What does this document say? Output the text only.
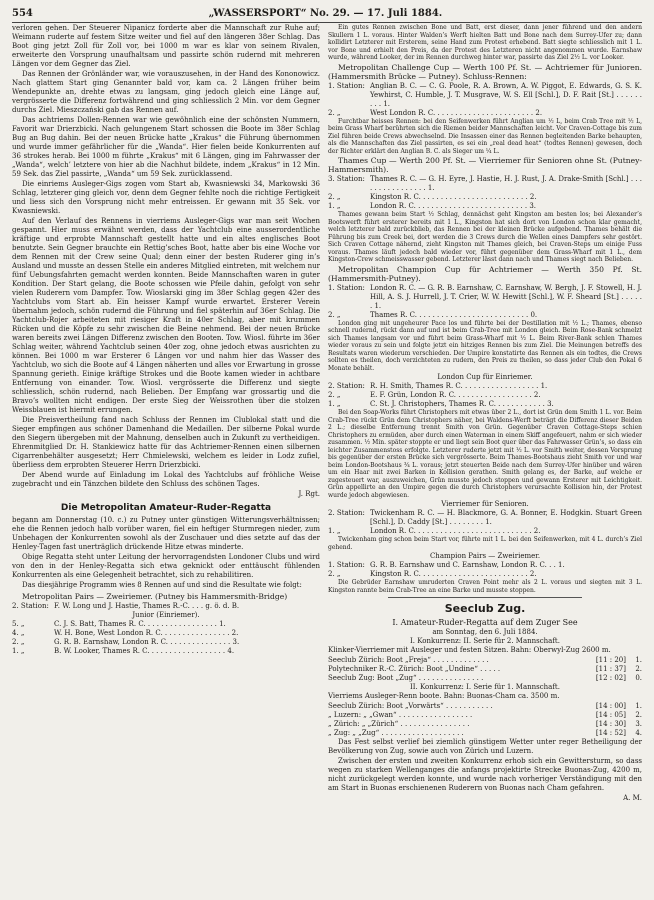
554	„WASSERSPORT“ No. 29. — 17. Juli 1884.

verloren gehen. Der Steuerer Nipanicz forderte aber die Mannschaft zur Ruhe auf; Weimann ruderte auf festem Sitze weiter und fiel auf den längeren 38er Schlag. Das Boot ging jetzt Zoll für Zoll vor, bei 1000 m war es klar von seinem Rivalen, erweiterte den Vorsprung unaufhaltsam und passirte schön rudernd mit mehreren Längen vor dem Gegner das Ziel.

Das Rennen der Grönländer war, wie vorauszusehen, in der Hand des Kononowicz. Nach glattem Start ging Genannter bald vor, kam ca. 2 Längen früher beim Wendepunkte an, drehte etwas zu langsam, ging jedoch gleich eine Länge auf, vergrösserte die Differenz fortwährend und ging schliesslich 2 Min. vor dem Gegner durchs Ziel. Mieszczański gab das Rennen auf.

Das achtriems Dollen-Rennen war wie gewöhnlich eine der schönsten Nummern, Favorit war Drierzbicki. Nach gelungenem Start schossen die Boote im 38er Schlag Bug an Bug dahin. Bei der neuen Brücke hatte „Krakus“ die Führung übernommen und wurde immer gefährlicher für die „Wanda“. Hier fielen beide Konkurrenten auf 36 strokes herab. Bei 1000 m führte „Krakus“ mit 6 Längen, ging im Fahrwasser der „Wanda“, welch’ letztere von hier ab die Nachhut bildete, indem „Krakus“ in 12 Min. 59 Sek. das Ziel passirte, „Wanda“ um 59 Sek. zurücklassend.

Die einriems Ausleger-Gigs zogen vom Start ab, Kwasniewski 34, Markowski 36 Schlag, letzterer ging gleich vor, denn dem Gegner fehlte noch die richtige Fertigkeit und liess sich den Vorsprung nicht mehr entreissen. Er gewann mit 35 Sek. vor Kwasniewski.

Auf den Verlauf des Rennens in vierriems Ausleger-Gigs war man seit Wochen gespannt. Hier muss erwähnt werden, dass der Yachtclub eine ausserordentliche kräftige und erprobte Mannschaft gestellt hatte und ein altes englisches Boot benutzte. Sein Gegner brauchte ein Rettig’sches Boot, hatte aber bis eine Woche vor dem Rennen mit der Crew seine Qual; denn einer der besten Ruderer ging in’s Ausland und musste an dessen Stelle ein anderes Mitglied eintreten, mit welchem nur fünf Uebungsfahrten gemacht werden konnten. Beide Mannschaften waren in guter Kondition. Der Start gelang, die Boote schossen wie Pfeile dahin, gefolgt von sehr vielen Ruderern vom Dampfer. Tow. Wioslarski ging im 38er Schlag gegen 42er des Yachtclubs vom Start ab. Ein heisser Kampf wurde erwartet. Ersterer Verein übernahm jedoch, schön rudernd die Führung und fiel späterhin auf 36er Schlag. Die Yachtclub-Rojer arbeiteten mit riesiger Kraft in 40er Schlag, aber mit krummen Rücken und die Köpfe zu sehr zwischen die Beine nehmend. Bei der neuen Brücke waren bereits zwei Längen Differenz zwischen den Booten. Tow. Wiosl. führte im 36er Schlag weiter, während Yachtclub seinen 40er zog, ohne jedoch etwas ausrichten zu können. Bei 1000 m war Ersterer 6 Längen vor und nahm hier das Wasser des Yachtclub, wo sich die Boote auf 4 Längen näherten und alles vor Erwartung in grosse Spannung gerieth. Einige kräftige Strokes und die Boote kamen wieder in achtbare Entfernung von einander. Tow. Wiosl. vergrösserte die Differenz und siegte schliesslich, schön rudernd, nach Belieben. Der Empfang war grossartig und die Bravo’s wollten nicht endigen. Der erste Sieg der Weissrothen über die stolzen Weissblauen ist hiermit errungen.

Die Preisvertheilung fand nach Schluss der Rennen im Clublokal statt und die Sieger empfingen aus schöner Damenhand die Medaillen. Der silberne Pokal wurde den Siegern übergeben mit der Mahnung, denselben auch in Zukunft zu vertheidigen. Ehrenmitglied Dr. H. Stankiewicz hatte für das Achtriemer-Rennen einen silbernen Cigarrenbehälter ausgesetzt; Herr Chmielewski, welchem es leider in Lodz zufiel, überliess dem erprobten Steuerer Herrn Drierzbicki.

Der Abend wurde auf Einladung im Lokal des Yachtclubs auf fröhliche Weise zugebracht und ein Tänzchen bildete den Schluss des schönen Tages.

J. Rgt.
Die Metropolitan Amateur-Ruder-Regatta

begann am Donnerstag (10. c.) zu Putney unter günstigen Witterungsverhältnissen; ehe die Rennen jedoch halb vorüber waren, fiel ein heftiger Sturmregen nieder, zum Unbehagen der Konkurrenten sowohl als der Zuschauer und dies setzte auf das der Henley-Tagen fast unerträglich drückende Hitze etwas minderte.

Obige Regatta steht unter Leitung der hervorragendsten Londoner Clubs und wird von den in der Henley-Regatta sich etwa geknickt oder enttäuscht fühlenden Konkurrenten als eine Gelegenheit betrachtet, sich zu rehabilitiren.

Das diesjährige Programm wies 8 Rennen auf und sind die Resultate wie folgt:

Metropolitan Pairs — Zweiriemer. (Putney bis Hammersmith-Bridge)

2. Station: F. W. Long und J. Hastie, Thames R.-C. . . . g. ö. d. B.
Junior (Einriemer).
5. „	C. J. S. Batt, Thames R. C. . . . . . . . . . . . . . . . . 1.
4. „	W. H. Bone, West London R. C. . . . . . . . . . . . . . . . 2.
2. „	G. R. B. Earnshaw, London R. C. . . . . . . . . . . . . . . 3.
1. „	B. W. Looker, Thames R. C. . . . . . . . . . . . . . . . . . 4.

Ein gutes Rennen zwischen Bone und Batt, erst dieser, dann jener führend und den andern Skullern 1 L. voraus. Hinter Walden’s Werft hielten Batt und Bone nach dem Surrey-Ufer zu; dann kollidirt Letzterer mit Ersterem, seine Hand zum Protest erhebend. Batt siegte schliesslich mit 1 L. vor Bone und erhielt den Preis, da der Protest des Letzteren nicht angenommen wurde. Earnshaw wurde, während Looker, der im Rennen durchweg hinter war, passirte das Ziel 2½ L. vor Looker.

Metropolitan Challenge Cup — Werth 100 Pf. St. — Achtriemer für Junioren. (Hammersmith Brücke — Putney). Schluss-Rennen:

1. Station: Anglian B. C. — C. G. Poole, R. A. Brown, A. W. Piggot, E. Edwards, G. S. K. Yewhirst, C. Humble, J. T. Musgrave, W. S. Ell [Schl.], D. F. Rait [St.] . . . . . . . . . 1.
2. „	West London R. C. . . . . . . . . . . . . . . . . . . . . . . 2.

Furchtbar heisses Rennen: bei den Seifenwerken führt Anglian um ½ L, beim Crab Tree mit ½ L, beim Grass Wharf berührten sich die Riemen beider Mannschaften leicht. Vor Craven-Cottage bis zum Ziel führen beide Crews abwechselnd. Die Insassen einer das Rennen begleitenden Barke behaupten, als die Mannschaften das Ziel passirten, es sei ein „real dead heat“ (todtes Rennen) gewesen, doch der Richter erklärt den Anglian B. C. als Sieger um ¼ L.

Thames Cup — Werth 200 Pf. St. — Vierriemer für Senioren ohne St. (Putney-Hammersmith).

3. Station: Thames R. C. — G. H. Eyre, J. Hastie, H. J. Rust, J. A. Drake-Smith [Schl.] . . . . . . . . . . . . . . . . 1.
2. „	Kingston R. C. . . . . . . . . . . . . . . . . . . . . . . . . 2.
1. „	London R. C. . . . . . . . . . . . . . . . . . . . . . . . . . 3.

Thames gewann beim Start ½ Schlag, dennächst geht Kingston am besten los; bei Alexander’s Bootswerft führt ersterer bereits mit 1 L., Kingston hat sich dort von London schon klar gemacht, welch letzterer bald zurückblieb, das Rennen bei der kleinen Brücke aufgebend. Thames behält die Führung bis zum Creek bei, dort werden die 3 Crews durch die Wellen eines Dampfers sehr gestört. Sich Craven Cottage nähernd, zieht Kingston mit Thames gleich, bei Craven-Steps um einige Fuss voraus. Thames läuft jedoch bald wieder vor, führt gegenüber dem Grass-Wharf mit 1 L., dem Kingston-Crew schmeisswasser gebend. Letzterer lässt dann nach und Thames siegt nach Belieben.

Metropolitan Champion Cup für Achtriemer — Werth 350 Pf. St. (Hammersmith-Putney).

1. Station: London R. C. — G. R. B. Earnshaw, C. Earnshaw, W. Bergh, J. F. Stowell, H. J. Hill, A. S. J. Hurrell, J. T. Crier, W. W. Hewitt [Schl.], W. F. Sheard [St.] . . . . . . 1.
2. „	Thames R. C. . . . . . . . . . . . . . . . . . . . . . . . . . 0.

London ging mit ungeheurer Pace los und führte bei der Destillation mit ½ L.; Thames, ebenso schnell rudernd, rückt dann auf und ist beim Crab-Tree mit London gleich. Beim Rose-Bank schmelzt sich Thames langsam vor und führt beim Grass-Wharf mit ½ L. Beim River-Bank schlen Thames wieder voraus zu sein und folgte jetzt ein hitziges Rennen bis zum Ziel. Die Meinungen betreffs des Resultats waren wiederum verschieden. Der Umpire konstatirte das Rennen als ein todtes, die Crews sollten es theilen, doch verzichteten zu rudern, den Preis zu theilen, so dass jeder Club den Pokal 6 Monate behält.

London Cup für Einriemer.
2. Station: R. H. Smith, Thames R. C. . . . . . . . . . . . . . . . . . 1.
2. „	E. F. Grün, London R. C. . . . . . . . . . . . . . . . . . 2.
1. „	C. St. J. Christophers, Thames R. C. . . . . . . . . . . . 3.

Bei den Soap-Works führt Christophers mit etwas über 2 L., dort ist Grün dem Smith 1 L. vor. Beim Crab-Tree rückt Grün dem Christophers näher, bei Waldens-Werft beträgt die Differenz dieser Beiden 2 L.; dieselbe Entfernung trennt Smith von Grün. Gegenüber Craven Cottage-Steps schien Christophers zu ermüden, aber durch einen Waterman in einem Skiff angefeuert, nahm er sich wieder zusammen. ½ Min. später stoppte er und liegt sein Boot quer über das Fahrwasser Grün’s, so dass ein leichter Zusammenstoss erfolgte. Letzterer ruderte jetzt mit ½ L. vor Smith weiter, dessen Vorsprung bis gegenüber der ersten Brücke sich vergrösserte. Beim Thames-Bootshaus zieht Smith vor und war beim London-Bootshaus ¾ L. voraus; jetzt steuerten Beide nach dem Surrey-Ufer hinüber und wären um ein Haar mit zwei Barken in Kollision gerathen. Smith gelang es, der Barke, auf welche er zugesteuert war, auszuweichen, Grün musste jedoch stoppen und gewann Ersterer mit Leichtigkeit. Grün appellirte an den Umpire gegen die durch Christophers verursachte Kollision hin, der Protest wurde jedoch abgewiesen.

Vierriemer für Senioren.
2. Station: Twickenham R. C. — H. Blackmore, G. A. Bonner, E. Hodgkin. Stuart Green [Schl.], D. Caddy [St.] . . . . . . . . 1.
1. „	London R. C. . . . . . . . . . . . . . . . . . . . . . . . . . . 2.

Twickenham ging schon beim Start vor, führte mit 1 L. bei den Seifenwerken, mit 4 L. durch’s Ziel gehend.

Champion Pairs — Zweiriemer.
1. Station: G. R. B. Earnshaw und C. Earnshaw, London R. C. . . 1.
2. „	Kingston R. C. . . . . . . . . . . . . . . . . . . . . . . . . 2.

Die Gebrüder Earnshaw umruderten Craven Point mehr als 2 L. voraus und siegten mit 3 L. Kingston rannte beim Crab-Tree an eine Barke und musste stoppen.

Seeclub Zug.
I. Amateur-Ruder-Regatta auf dem Zuger See
am Sonntag, den 6. Juli 1884.
I. Konkurrenz: II. Serie für 2. Mannschaft.

Klinker-Vierriemer mit Ausleger und festen Sitzen. Bahn: Oberwyl-Zug 2600 m.

Seeclub Zürich: Boot „Freja“ . . . . . . . . . . . . .	[11 : 20]	1.
Polytechniker R.-C. Zürich: Boot „Undine“ . . . . .	[11 : 37]	2.
Seeclub Zug: Boot „Zug“ . . . . . . . . . . . . . . .	[12 : 02]	0.
II. Konkurrenz: I. Serie für 1. Mannschaft.

Vierriems Ausleger-Renn boote. Bahn: Buonas-Cham ca. 3500 m.

Seeclub Zürich: Boot „Vorwärts“ . . . . . . . . . . .	[14 : 00]	1.
„ Luzern: „ „Gwan“ . . . . . . . . . . . . . . . . .	[14 : 05]	2.
„ Zürich: „ „Zürich“ . . . . . . . . . . . . . . . .	[14 : 30]	3.
„ Zug: „ „Zug“ . . . . . . . . . . . . . . . . . . .	[14 : 52]	4.

Das Fest selbst verlief bei ziemlich günstigem Wetter unter reger Betheiligung der Bevölkerung von Zug, sowie auch von Zürich und Luzern.

Zwischen der ersten und zweiten Konkurrenz erhob sich ein Gewittersturm, so dass wegen zu starken Wellenganges die anfangs projektirte Strecke Buonas-Zug, 4200 m, nicht zurückgelegt werden konnte, und wurde nach vorheriger Verständigung mit den am Start in Buonas erschienenen Ruderern von Buonas nach Cham gefahren.

A. M.
